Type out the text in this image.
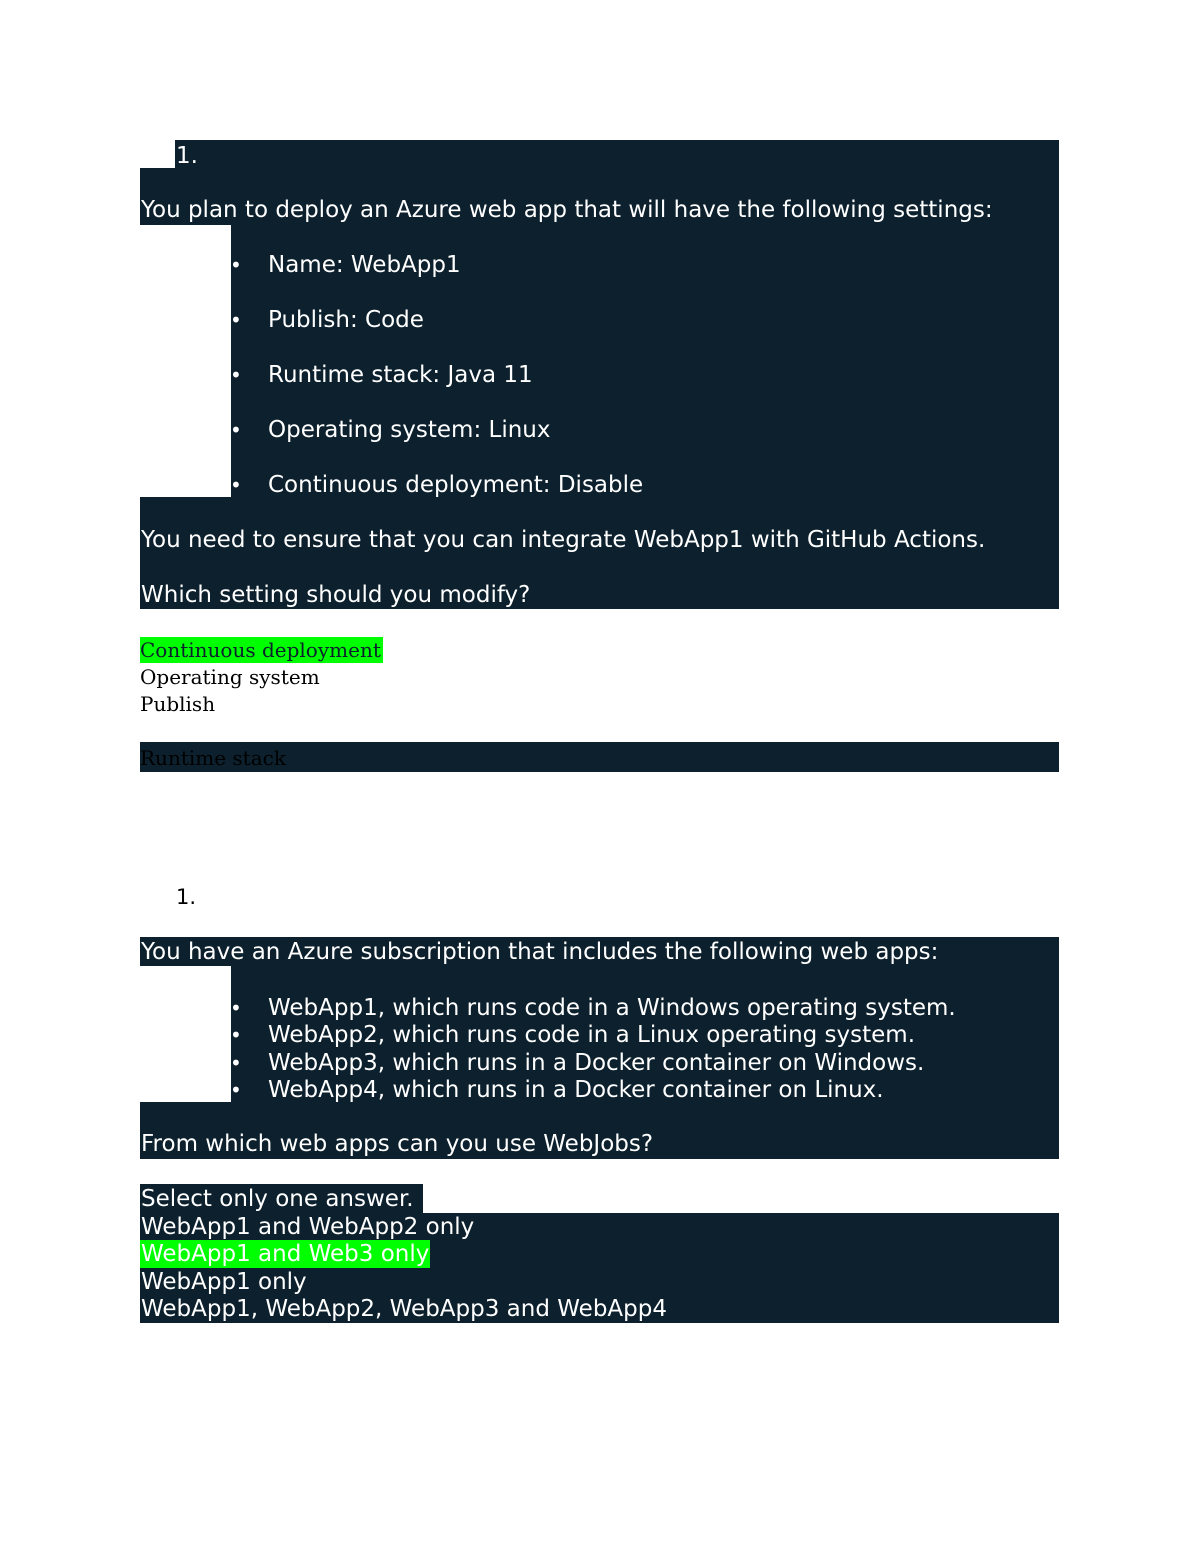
1.
You plan to deploy an Azure web app that will have the following settings:
• Name: WebApp1
• Publish: Code
• Runtime stack: Java 11
• Operating system: Linux
• Continuous deployment: Disable
You need to ensure that you can integrate WebApp1 with GitHub Actions.
Which setting should you modify?
Continuous deployment
Operating system
Publish
Runtime stack
1.
You have an Azure subscription that includes the following web apps:
• WebApp1, which runs code in a Windows operating system.
• WebApp2, which runs code in a Linux operating system.
• WebApp3, which runs in a Docker container on Windows.
• WebApp4, which runs in a Docker container on Linux.
From which web apps can you use WebJobs?
Select only one answer.
WebApp1 and WebApp2 only
WebApp1 and Web3 only
WebApp1 only
WebApp1, WebApp2, WebApp3 and WebApp4
